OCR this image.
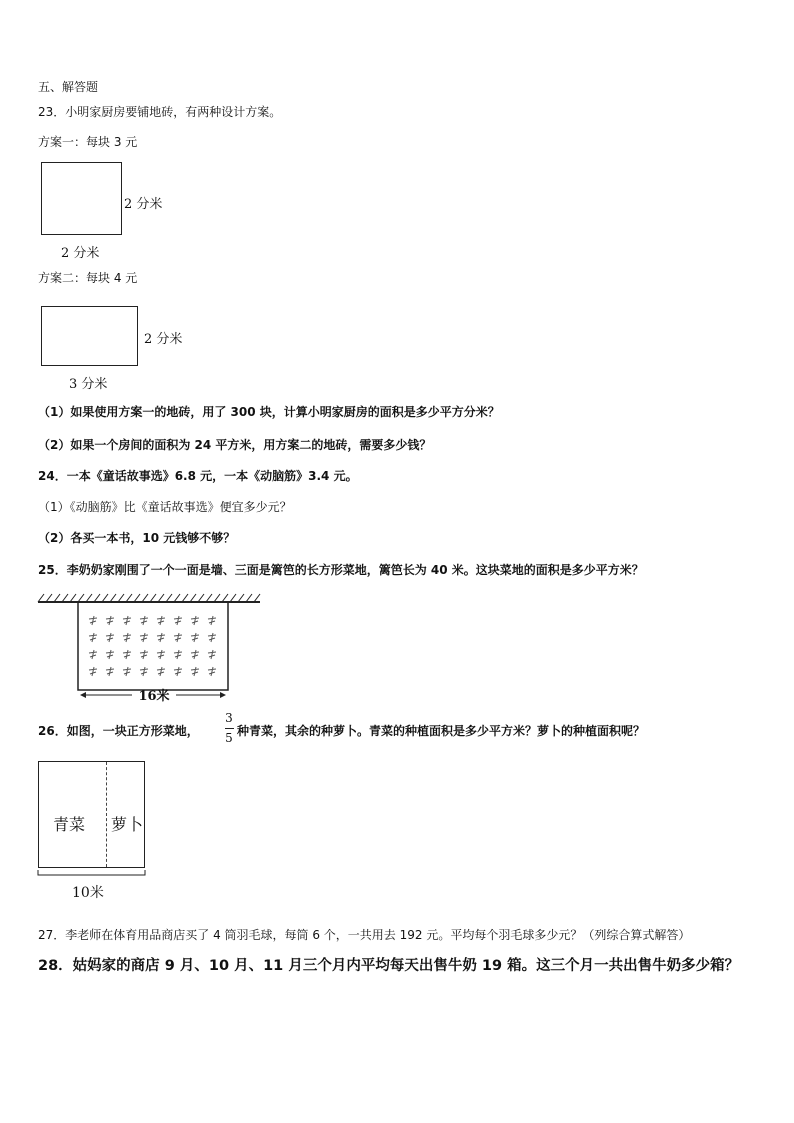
五、解答题
23．小明家厨房要铺地砖，有两种设计方案。
方案一：每块 3 元
2 分米
2 分米
方案二：每块 4 元
2 分米
3 分米
（1）如果使用方案一的地砖，用了 300 块，计算小明家厨房的面积是多少平方分米？
（2）如果一个房间的面积为 24 平方米，用方案二的地砖，需要多少钱？
24．一本《童话故事选》6.8 元，一本《动脑筋》3.4 元。
（1）《动脑筋》比《童话故事选》便宜多少元？
（2）各买一本书，10 元钱够不够？
25．李奶奶家刚围了一个一面是墙、三面是篱笆的长方形菜地，篱笆长为 40 米。这块菜地的面积是多少平方米？
16米
26．如图，一块正方形菜地，
3
5 种青菜，其余的种萝卜。青菜的种植面积是多少平方米？萝卜的种植面积呢？
青菜 萝卜
10米
27．李老师在体育用品商店买了 4 筒羽毛球，每筒 6 个，一共用去 192 元。平均每个羽毛球多少元？（列综合算式解答）
28．姑妈家的商店 9 月、10 月、11 月三个月内平均每天出售牛奶 19 箱。这三个月一共出售牛奶多少箱？
